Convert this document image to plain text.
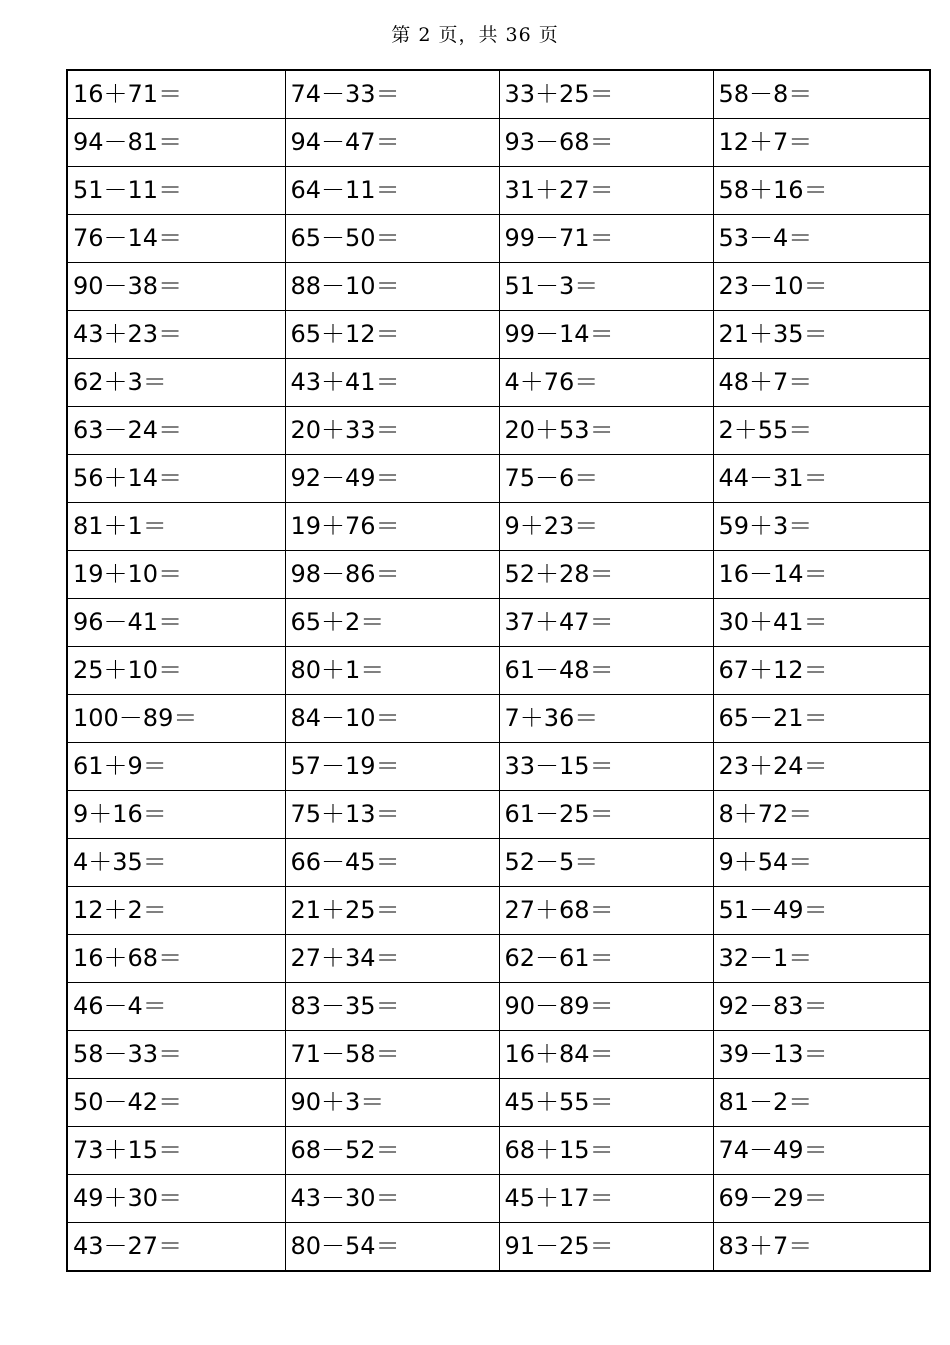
第 2 页，共 36 页
16＋71＝	74－33＝	33＋25＝	58－8＝
94－81＝	94－47＝	93－68＝	12＋7＝
51－11＝	64－11＝	31＋27＝	58＋16＝
76－14＝	65－50＝	99－71＝	53－4＝
90－38＝	88－10＝	51－3＝	23－10＝
43＋23＝	65＋12＝	99－14＝	21＋35＝
62＋3＝	43＋41＝	4＋76＝	48＋7＝
63－24＝	20＋33＝	20＋53＝	2＋55＝
56＋14＝	92－49＝	75－6＝	44－31＝
81＋1＝	19＋76＝	9＋23＝	59＋3＝
19＋10＝	98－86＝	52＋28＝	16－14＝
96－41＝	65＋2＝	37＋47＝	30＋41＝
25＋10＝	80＋1＝	61－48＝	67＋12＝
100－89＝	84－10＝	7＋36＝	65－21＝
61＋9＝	57－19＝	33－15＝	23＋24＝
9＋16＝	75＋13＝	61－25＝	8＋72＝
4＋35＝	66－45＝	52－5＝	9＋54＝
12＋2＝	21＋25＝	27＋68＝	51－49＝
16＋68＝	27＋34＝	62－61＝	32－1＝
46－4＝	83－35＝	90－89＝	92－83＝
58－33＝	71－58＝	16＋84＝	39－13＝
50－42＝	90＋3＝	45＋55＝	81－2＝
73＋15＝	68－52＝	68＋15＝	74－49＝
49＋30＝	43－30＝	45＋17＝	69－29＝
43－27＝	80－54＝	91－25＝	83＋7＝
